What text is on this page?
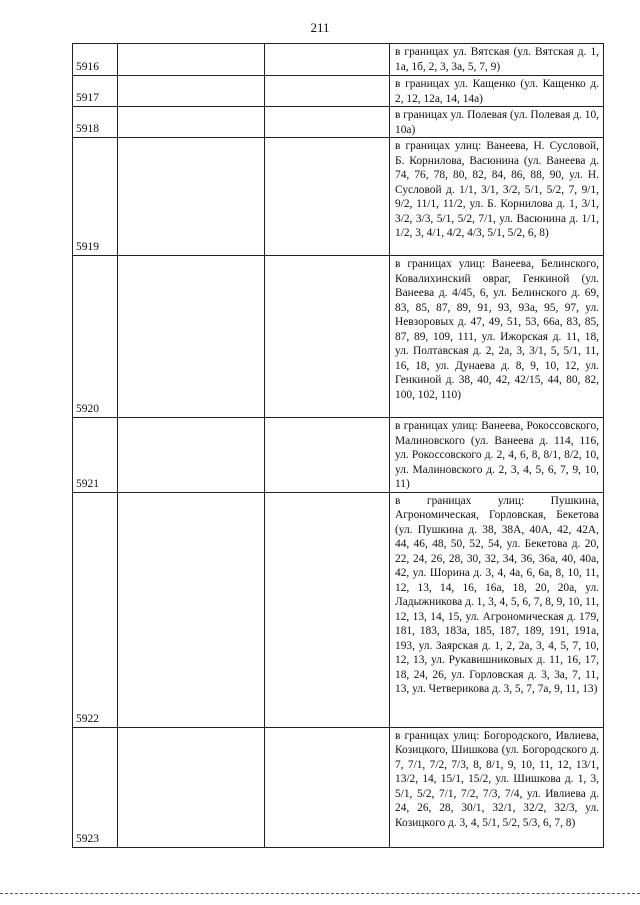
211
5916			в границах ул. Вятская (ул. Вятская д. 1, 1а, 1б, 2, 3, 3а, 5, 7, 9)
5917			в границах ул. Кащенко (ул. Кащенко д. 2, 12, 12а, 14, 14а)
5918			в границах ул. Полевая (ул. Полевая д. 10, 10а)
5919			в границах улиц: Ванеева, Н. Сусловой, Б. Корнилова, Васюнина (ул. Ванеева д. 74, 76, 78, 80, 82, 84, 86, 88, 90, ул. Н. Сусловой д. 1/1, 3/1, 3/2, 5/1, 5/2, 7, 9/1, 9/2, 11/1, 11/2, ул. Б. Корнилова д. 1, 3/1, 3/2, 3/3, 5/1, 5/2, 7/1, ул. Васюнина д. 1/1, 1/2, 3, 4/1, 4/2, 4/3, 5/1, 5/2, 6, 8)
5920			в границах улиц: Ванеева, Белинского, Ковалихинский овраг, Генкиной (ул. Ванеева д. 4/45, 6, ул. Белинского д. 69, 83, 85, 87, 89, 91, 93, 93а, 95, 97, ул. Невзоровых д. 47, 49, 51, 53, 66а, 83, 85, 87, 89, 109, 111, ул. Ижорская д. 11, 18, ул. Полтавская д. 2, 2а, 3, 3/1, 5, 5/1, 11, 16, 18, ул. Дунаева д. 8, 9, 10, 12, ул. Генкиной д. 38, 40, 42, 42/15, 44, 80, 82, 100, 102, 110)
5921			в границах улиц: Ванеева, Рокоссовского, Малиновского (ул. Ванеева д. 114, 116, ул. Рокоссовского д. 2, 4, 6, 8, 8/1, 8/2, 10, ул. Малиновского д. 2, 3, 4, 5, 6, 7, 9, 10, 11)
5922			в границах улиц: Пушкина, Агрономическая, Горловская, Бекетова (ул. Пушкина д. 38, 38А, 40А, 42, 42А, 44, 46, 48, 50, 52, 54, ул. Бекетова д. 20, 22, 24, 26, 28, 30, 32, 34, 36, 36а, 40, 40а, 42, ул. Шорина д. 3, 4, 4а, 6, 6а, 8, 10, 11, 12, 13, 14, 16, 16а, 18, 20, 20а, ул. Ладыжникова д. 1, 3, 4, 5, 6, 7, 8, 9, 10, 11, 12, 13, 14, 15, ул. Агрономическая д. 179, 181, 183, 183а, 185, 187, 189, 191, 191а, 193, ул. Заярская д. 1, 2, 2а, 3, 4, 5, 7, 10, 12, 13, ул. Рукавишниковых д. 11, 16, 17, 18, 24, 26, ул. Горловская д. 3, 3а, 7, 11, 13, ул. Четверикова д. 3, 5, 7, 7а, 9, 11, 13)
5923			в границах улиц: Богородского, Ивлиева, Козицкого, Шишкова (ул. Богородского д. 7, 7/1, 7/2, 7/3, 8, 8/1, 9, 10, 11, 12, 13/1, 13/2, 14, 15/1, 15/2, ул. Шишкова д. 1, 3, 5/1, 5/2, 7/1, 7/2, 7/3, 7/4, ул. Ивлиева д. 24, 26, 28, 30/1, 32/1, 32/2, 32/3, ул. Козицкого д. 3, 4, 5/1, 5/2, 5/3, 6, 7, 8)
